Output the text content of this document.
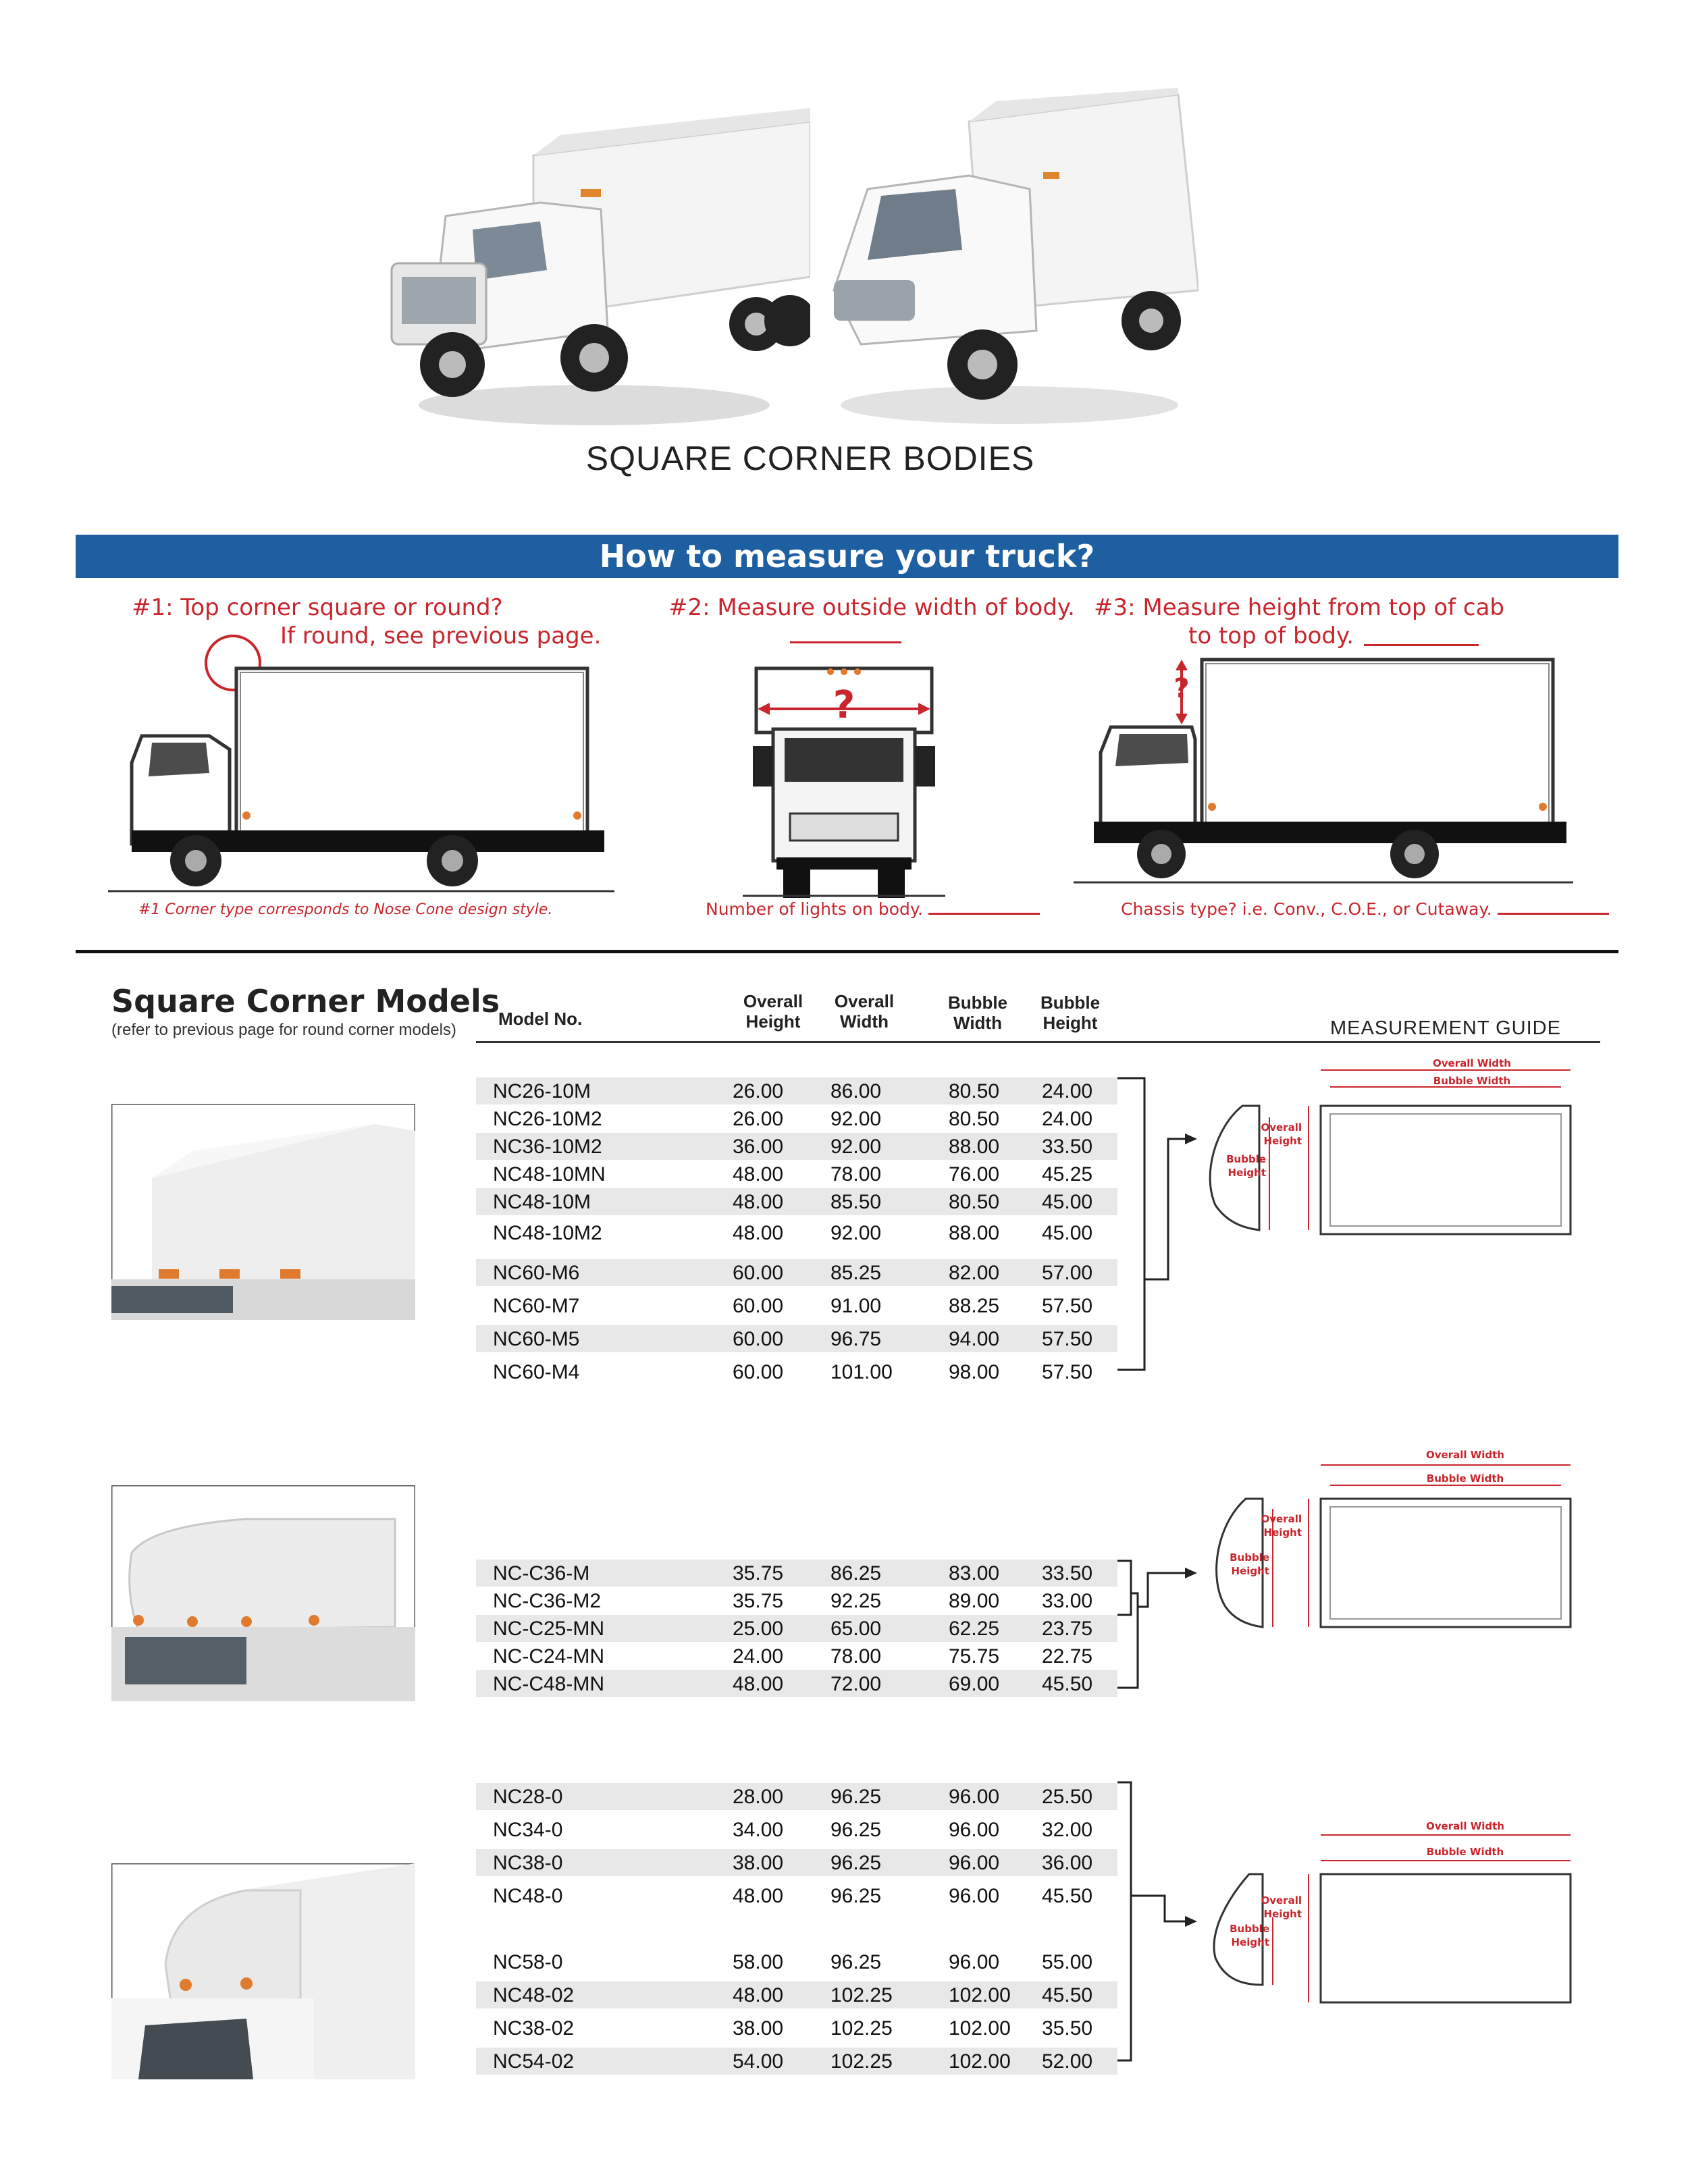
SQUARE CORNER BODIES
How to measure your truck?
#1: Top corner square or round?
If round, see previous page.
#2: Measure outside width of body. #3: Measure height from top of cab
to top of body.
#1 Corner type corresponds to Nose Cone design style.
?
Number of lights on body.
?
Chassis type? i.e. Conv., C.O.E., or Cutaway.
Square Corner Models
(refer to previous page for round corner models)
Model No.
Overall
Height
Overall
Width
Bubble
Width
Bubble
Height	MEASUREMENT GUIDE
NC26-10M	26.00 86.00	80.50 24.00
NC26-10M2	26.00 92.00	80.50 24.00
NC36-10M2	36.00 92.00	88.00 33.50
NC48-10MN	48.00 78.00	76.00 45.25
NC48-10M	48.00 85.50	80.50 45.00
NC48-10M2	48.00 92.00	88.00 45.00
NC60-M6	60.00 85.25	82.00 57.00
NC60-M7	60.00 91.00	88.25 57.50
NC60-M5	60.00 96.75	94.00 57.50
NC60-M4	60.00 101.00	98.00 57.50
NC-C36-M	35.75 86.25	83.00 33.50
NC-C36-M2	35.75 92.25	89.00 33.00
NC-C25-MN	25.00 65.00	62.25 23.75
NC-C24-MN	24.00 78.00	75.75 22.75
NC-C48-MN	48.00 72.00	69.00 45.50
NC28-0	28.00 96.25	96.00 25.50
NC34-0	34.00 96.25	96.00 32.00
NC38-0	38.00 96.25	96.00 36.00
NC48-0	48.00 96.25	96.00 45.50
NC58-0	58.00 96.25	96.00 55.00
NC48-02	48.00 102.25	102.00 45.50
NC38-02	38.00 102.25	102.00 35.50
NC54-02	54.00 102.25	102.00 52.00
Overall Width
Bubble Width
Overall
Height
Bubble
Height
Overall Width
Bubble Width
Overall
Height
Bubble
Height
Overall Width
Bubble Width
Overall
Height
Bubble
Height
